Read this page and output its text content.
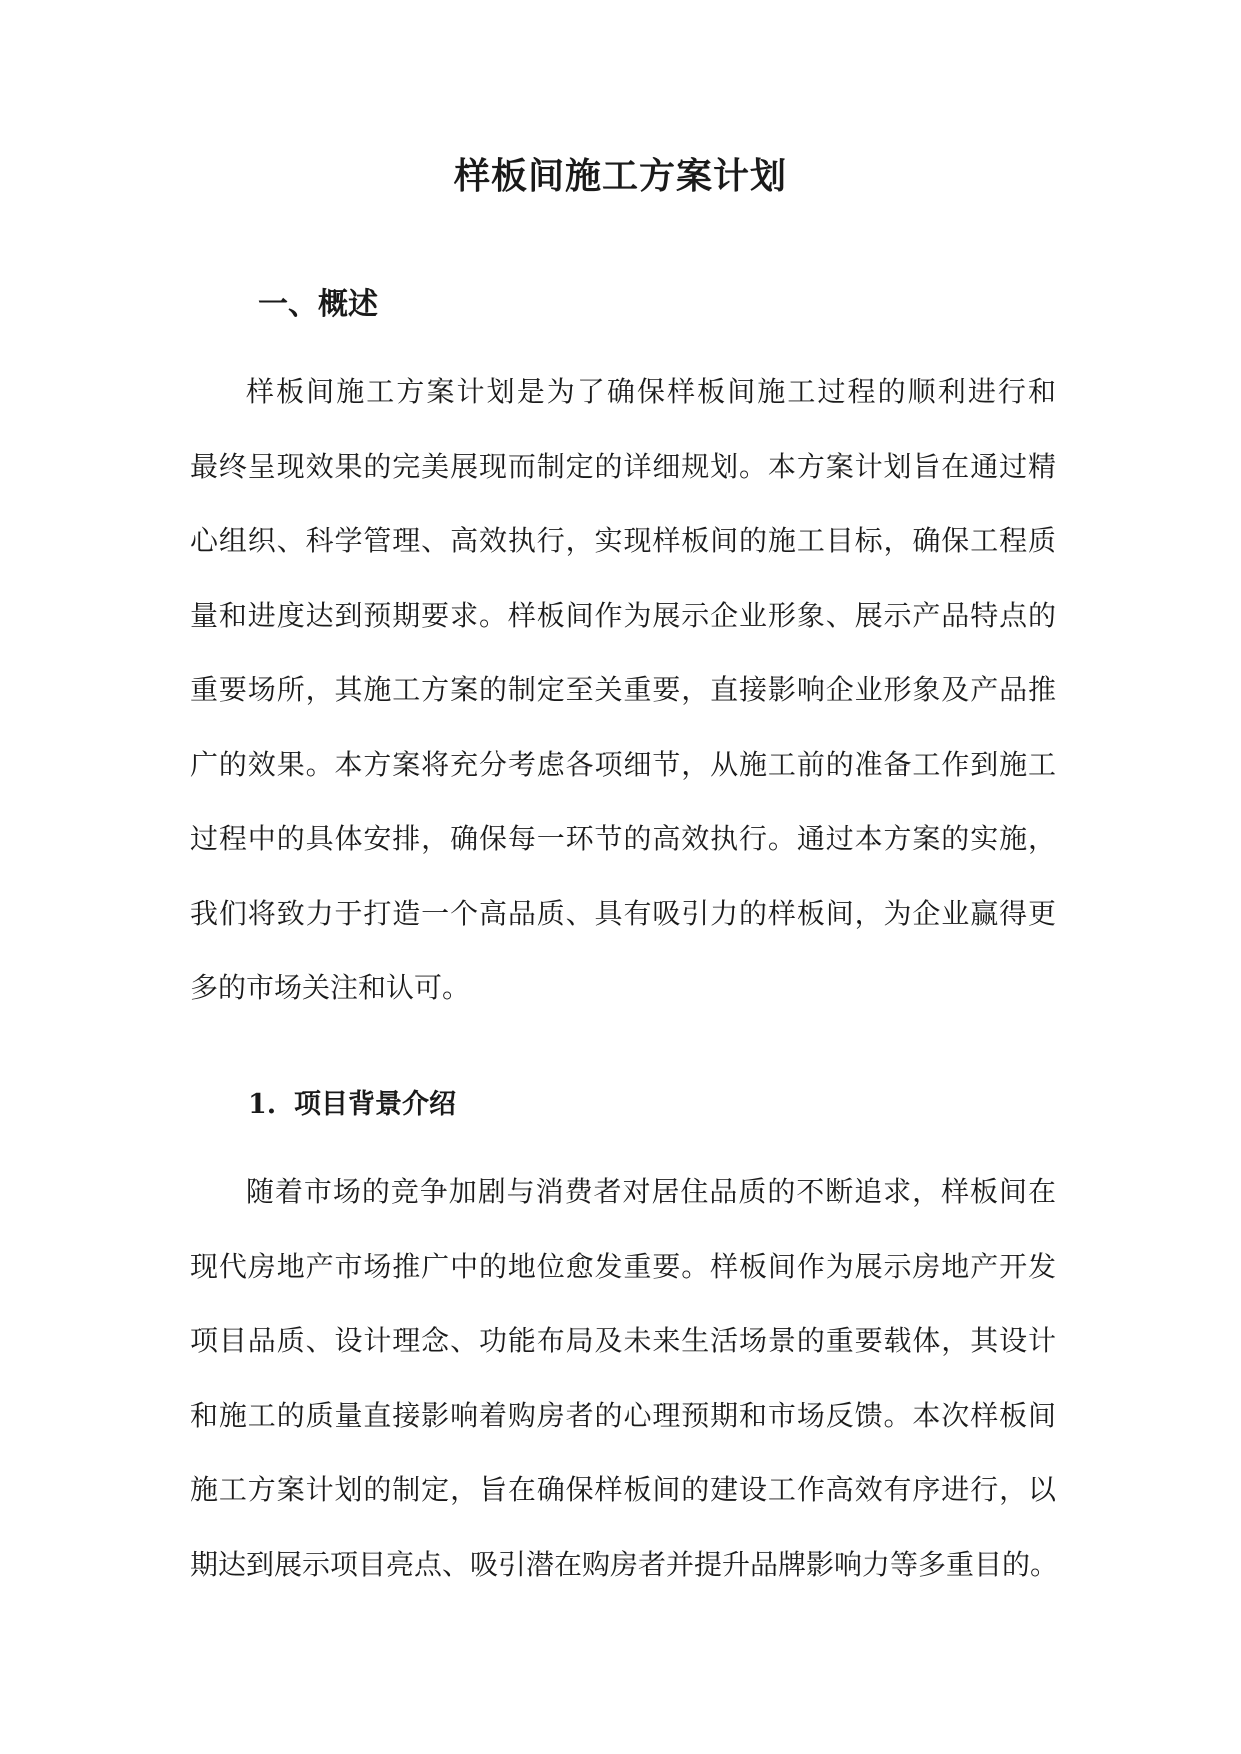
样板间施工方案计划
一、概述
样板间施工方案计划是为了确保样板间施工过程的顺利进行和
最终呈现效果的完美展现而制定的详细规划。本方案计划旨在通过精
心组织、科学管理、高效执行，实现样板间的施工目标，确保工程质
量和进度达到预期要求。样板间作为展示企业形象、展示产品特点的
重要场所，其施工方案的制定至关重要，直接影响企业形象及产品推
广的效果。本方案将充分考虑各项细节，从施工前的准备工作到施工
过程中的具体安排，确保每一环节的高效执行。通过本方案的实施，
我们将致力于打造一个高品质、具有吸引力的样板间，为企业赢得更
多的市场关注和认可。
1. 项目背景介绍
随着市场的竞争加剧与消费者对居住品质的不断追求，样板间在
现代房地产市场推广中的地位愈发重要。样板间作为展示房地产开发
项目品质、设计理念、功能布局及未来生活场景的重要载体，其设计
和施工的质量直接影响着购房者的心理预期和市场反馈。本次样板间
施工方案计划的制定，旨在确保样板间的建设工作高效有序进行，以
期达到展示项目亮点、吸引潜在购房者并提升品牌影响力等多重目的。
